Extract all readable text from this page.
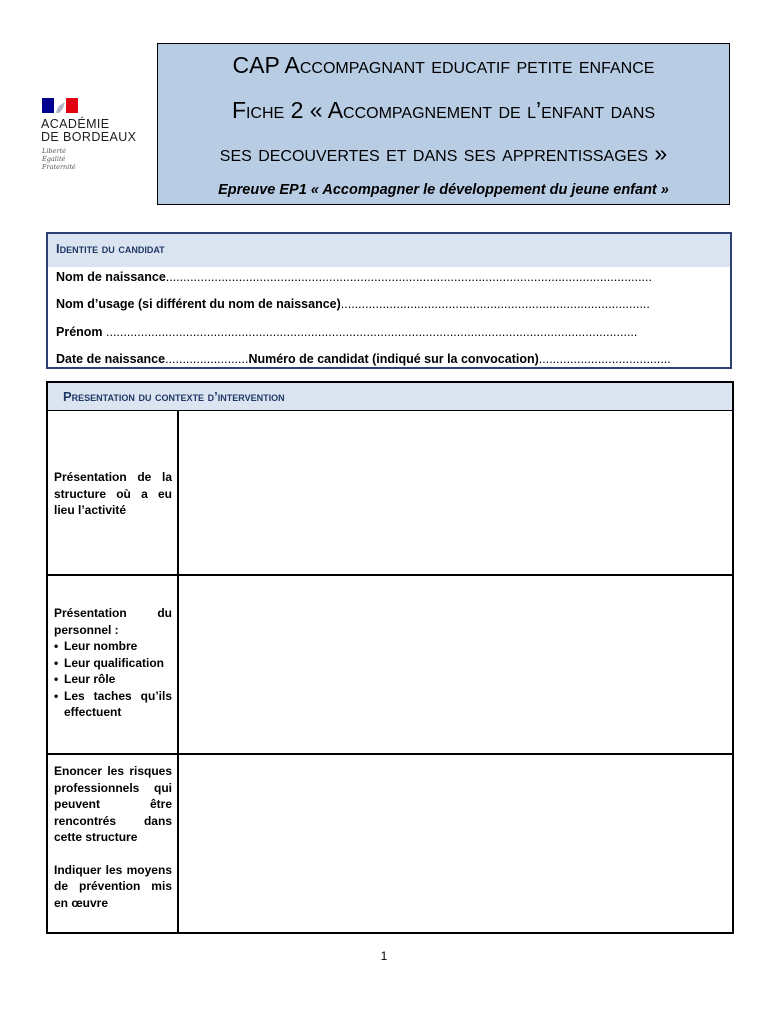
ACADÉMIE
DE BORDEAUX
Liberté
Égalité
Fraternité
CAP Accompagnant educatif petite enfance
Fiche 2 « Accompagnement de l’enfant dans
ses decouvertes et dans ses apprentissages »
Epreuve EP1 « Accompagner le développement du jeune enfant »
Identite du candidat
Nom de naissance............................................................................................................................................
Nom d’usage (si différent du nom de naissance).........................................................................................
Prénom .........................................................................................................................................................
Date de naissance........................Numéro de candidat (indiqué sur la convocation)......................................
Presentation du contexte d’intervention
Présentation de la structure où a eu lieu l’activité
Présentation du personnel :
• Leur nombre
• Leur qualification
• Leur rôle
• Les taches qu’ils effectuent
Enoncer les risques professionnels qui peuvent être rencontrés dans cette structure
Indiquer les moyens de prévention mis en œuvre
1
